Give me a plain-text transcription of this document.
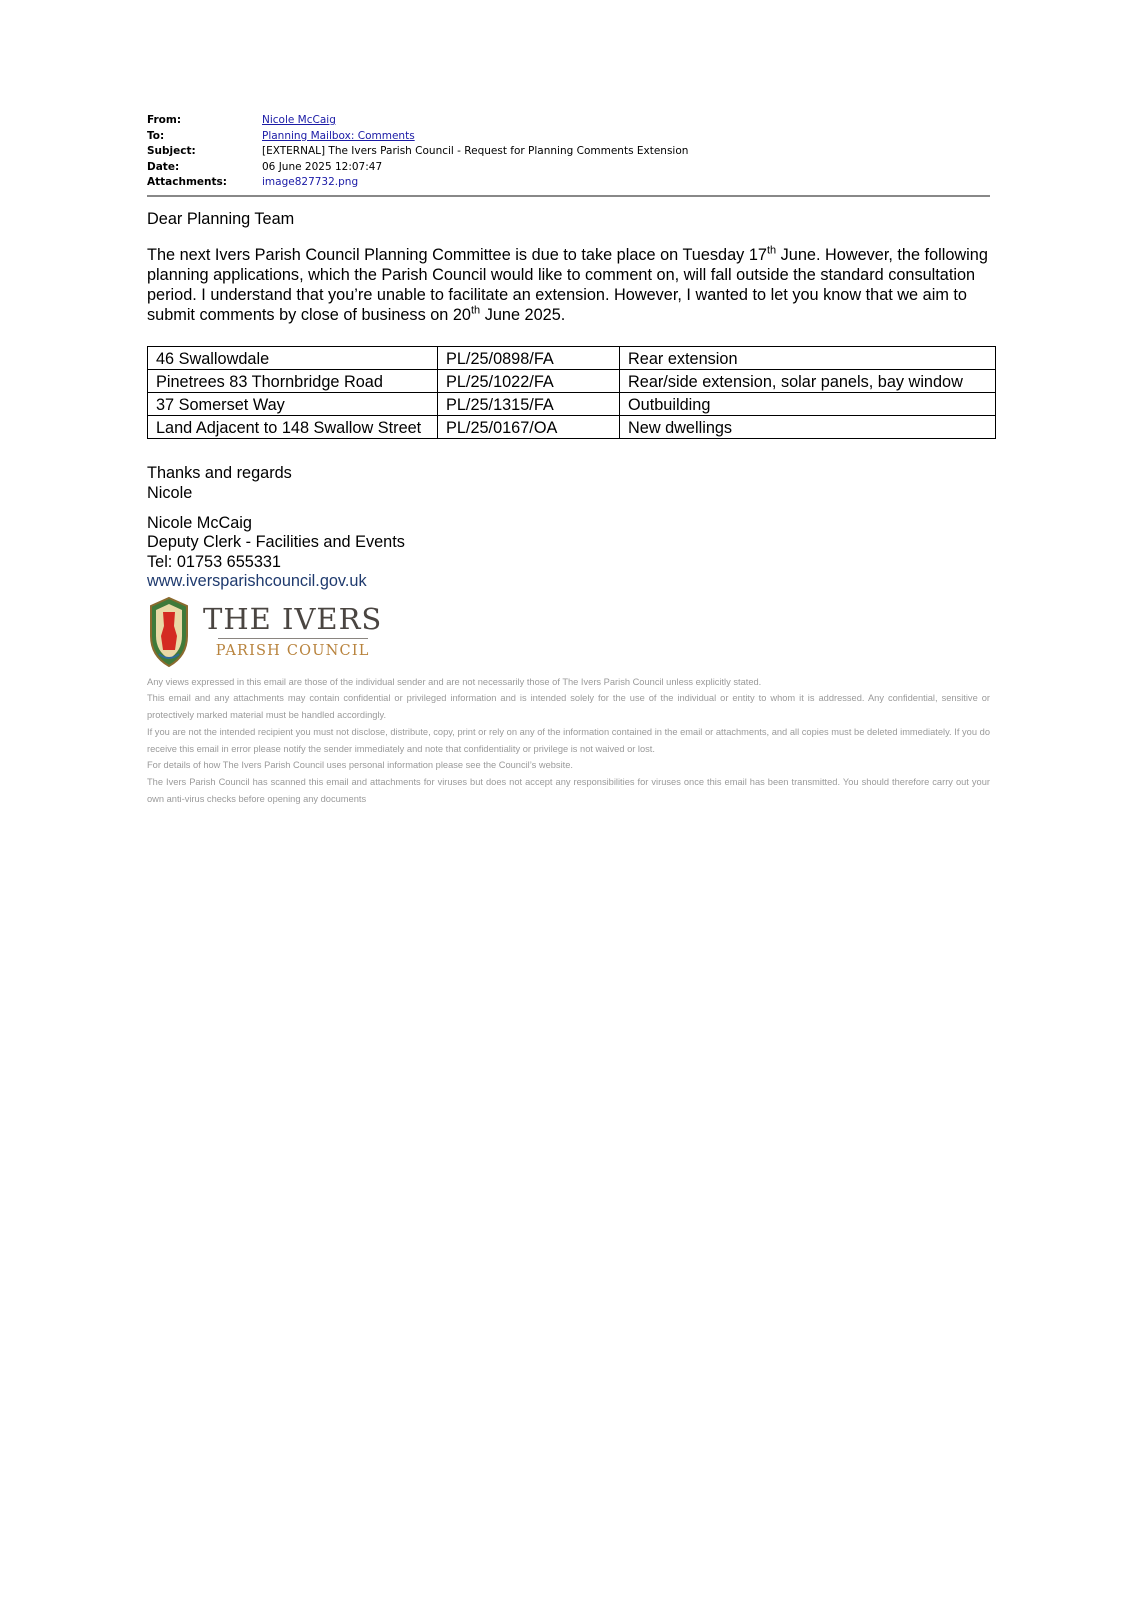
From:	Nicole McCaig
To:	Planning Mailbox: Comments
Subject:	[EXTERNAL] The Ivers Parish Council - Request for Planning Comments Extension
Date:	06 June 2025 12:07:47
Attachments:	image827732.png
Dear Planning Team
The next Ivers Parish Council Planning Committee is due to take place on Tuesday 17th June. However, the following planning applications, which the Parish Council would like to comment on, will fall outside the standard consultation period. I understand that you’re unable to facilitate an extension. However, I wanted to let you know that we aim to submit comments by close of business on 20th June 2025.
46 Swallowdale	PL/25/0898/FA	Rear extension
Pinetrees 83 Thornbridge Road	PL/25/1022/FA	Rear/side extension, solar panels, bay window
37 Somerset Way	PL/25/1315/FA	Outbuilding
Land Adjacent to 148 Swallow Street	PL/25/0167/OA	New dwellings
Thanks and regards
Nicole
Nicole McCaig
Deputy Clerk - Facilities and Events
Tel: 01753 655331
www.iversparishcouncil.gov.uk
THE IVERS
PARISH COUNCIL

Any views expressed in this email are those of the individual sender and are not necessarily those of The Ivers Parish Council unless explicitly stated.

This email and any attachments may contain confidential or privileged information and is intended solely for the use of the individual or entity to whom it is addressed. Any confidential, sensitive or protectively marked material must be handled accordingly.

If you are not the intended recipient you must not disclose, distribute, copy, print or rely on any of the information contained in the email or attachments, and all copies must be deleted immediately. If you do receive this email in error please notify the sender immediately and note that confidentiality or privilege is not waived or lost.

For details of how The Ivers Parish Council uses personal information please see the Council’s website.

The Ivers Parish Council has scanned this email and attachments for viruses but does not accept any responsibilities for viruses once this email has been transmitted. You should therefore carry out your own anti-virus checks before opening any documents
